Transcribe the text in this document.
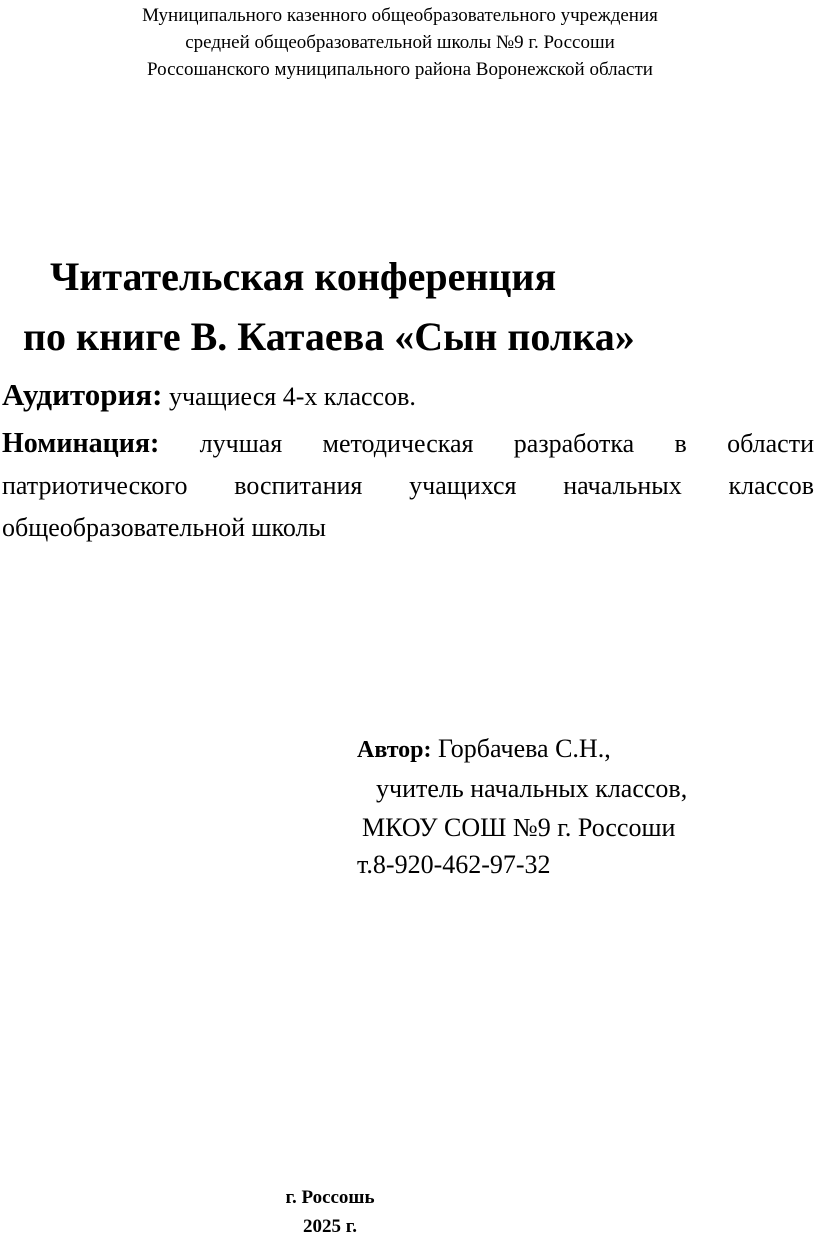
Муниципального казенного общеобразовательного учреждения
средней общеобразовательной школы №9 г. Россоши
Россошанского муниципального района Воронежской области
Читательская конференция
по книге В. Катаева «Сын полка»
Аудитория: учащиеся 4-х классов.
Номинация: лучшая методическая разработка в области патриотического воспитания учащихся начальных классов общеобразовательной школы
Автор: Горбачева С.Н.,
учитель начальных классов,
МКОУ СОШ №9 г. Россоши
т.8-920-462-97-32
г. Россошь
2025 г.
